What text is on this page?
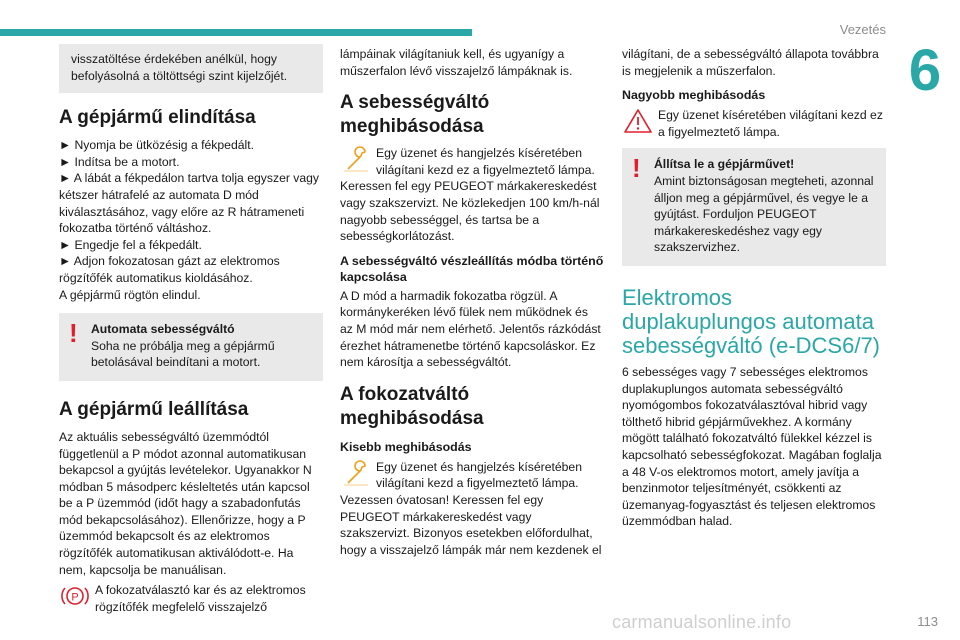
Vezetés
6
visszatöltése érdekében anélkül, hogy befolyásolná a töltöttségi szint kijelzőjét.
A gépjármű elindítása
► Nyomja be ütközésig a fékpedált.
► Indítsa be a motort.
► A lábát a fékpedálon tartva tolja egyszer vagy kétszer hátrafelé az automata D mód kiválasztásához, vagy előre az R hátrameneti fokozatba történő váltáshoz.
► Engedje fel a fékpedált.
► Adjon fokozatosan gázt az elektromos rögzítőfék automatikus kioldásához.
A gépjármű rögtön elindul.
!	Automata sebességváltó
Soha ne próbálja meg a gépjármű betolásával beindítani a motort.
A gépjármű leállítása

Az aktuális sebességváltó üzemmódtól függetlenül a P módot azonnal automatikusan bekapcsol a gyújtás levételekor. Ugyanakkor N módban 5 másodperc késleltetés után kapcsol be a P üzemmód (időt hagy a szabadonfutás mód bekapcsolásához). Ellenőrizze, hogy a P üzemmód bekapcsolt és az elektromos rögzítőfék automatikusan aktiválódott-e. Ha nem, kapcsolja be manuálisan.

P

A fokozatválasztó kar és az elektromos rögzítőfék megfelelő visszajelző

lámpáinak világítaniuk kell, és ugyanígy a műszerfalon lévő visszajelző lámpáknak is.

A sebességváltó meghibásodása

Egy üzenet és hangjelzés kíséretében világítani kezd ez a figyelmeztető lámpa.

Keressen fel egy PEUGEOT márkakereskedést vagy szakszervizt. Ne közlekedjen 100 km/h-nál nagyobb sebességgel, és tartsa be a sebességkorlátozást.

A sebességváltó vészleállítás módba történő kapcsolása

A D mód a harmadik fokozatba rögzül. A kormánykeréken lévő fülek nem működnek és az M mód már nem elérhető. Jelentős rázkódást érezhet hátramenetbe történő kapcsoláskor. Ez nem károsítja a sebességváltót.

A fokozatváltó meghibásodása
Kisebb meghibásodás

Egy üzenet és hangjelzés kíséretében világítani kezd a figyelmeztető lámpa.

Vezessen óvatosan! Keressen fel egy PEUGEOT márkakereskedést vagy szakszervizt. Bizonyos esetekben előfordulhat, hogy a visszajelző lámpák már nem kezdenek el

világítani, de a sebességváltó állapota továbbra is megjelenik a műszerfalon.

Nagyobb meghibásodás

Egy üzenet kíséretében világítani kezd ez a figyelmeztető lámpa.

!	Állítsa le a gépjárművet!
Amint biztonságosan megteheti, azonnal álljon meg a gépjárművel, és vegye le a gyújtást. Forduljon PEUGEOT márkakereskedéshez vagy egy szakszervizhez.
Elektromos duplakuplungos automata sebességváltó (e-DCS6/7)

6 sebességes vagy 7 sebességes elektromos duplakuplungos automata sebességváltó nyomógombos fokozatválasztóval hibrid vagy tölthető hibrid gépjárművekhez. A kormány mögött található fokozatváltó fülekkel kézzel is kapcsolható sebességfokozat. Magában foglalja a 48 V-os elektromos motort, amely javítja a benzinmotor teljesítményét, csökkenti az üzemanyag-fogyasztást és teljesen elektromos üzemmódban halad.

carmanualsonline.info	113
